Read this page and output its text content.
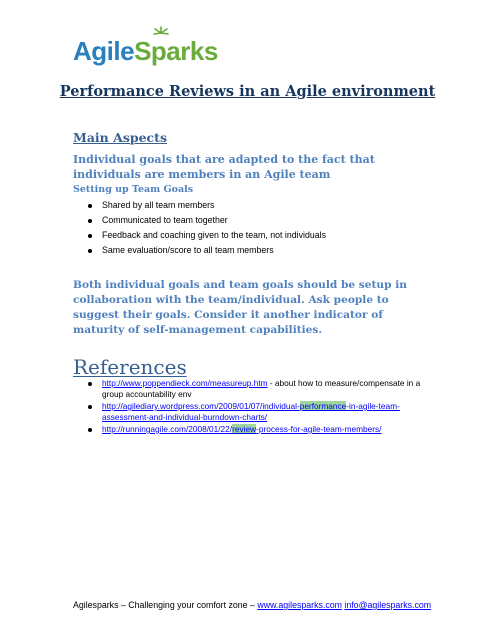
AgileSparks
Performance Reviews in an Agile environment
Main Aspects
Individual goals that are adapted to the fact that individuals are members in an Agile team
Setting up Team Goals
Shared by all team members
Communicated to team together
Feedback and coaching given to the team, not individuals
Same evaluation/score to all team members
Both individual goals and team goals should be setup in collaboration with the team/individual. Ask people to suggest their goals. Consider it another indicator of maturity of self-management capabilities.
References
http://www.poppendieck.com/measureup.htm - about how to measure/compensate in a group accountability env
http://agilediary.wordpress.com/2009/01/07/individual-performance-in-agile-team-assessment-and-individual-burndown-charts/
http://runningagile.com/2008/01/22/review-process-for-agile-team-members/
Agilesparks – Challenging your comfort zone – www.agilesparks.com info@agilesparks.com
